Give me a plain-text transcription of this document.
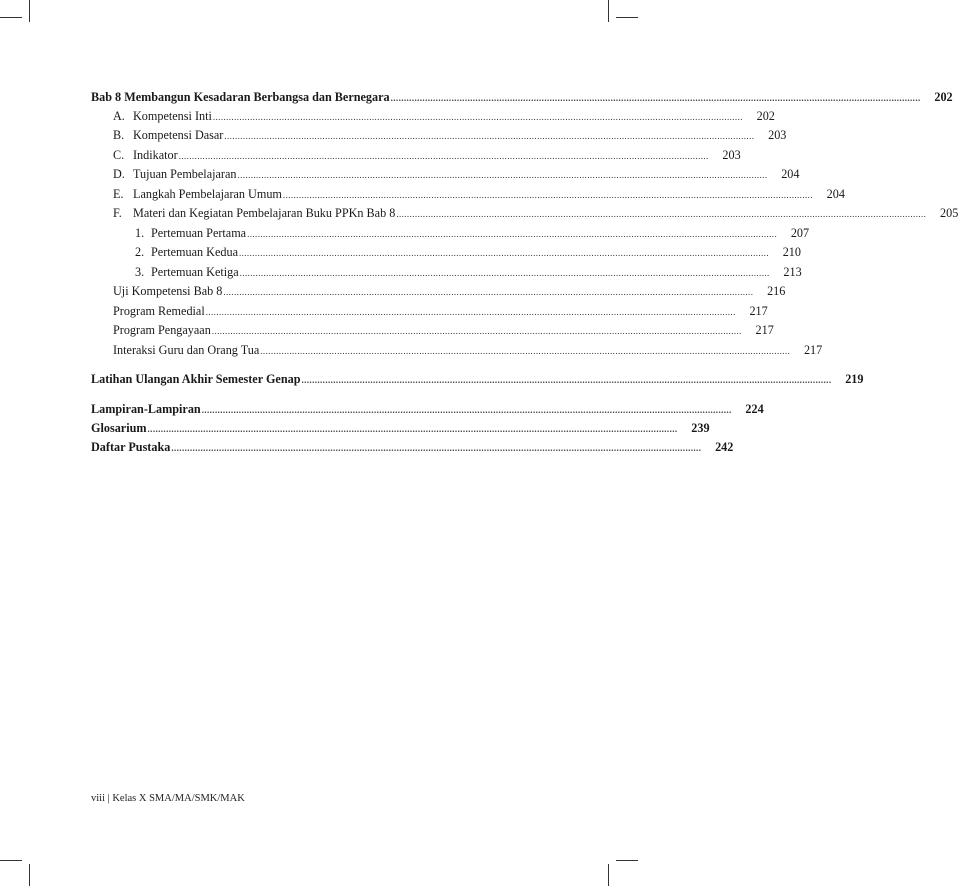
Bab 8 Membangun Kesadaran Berbangsa dan Bernegara .....	202
A. Kompetensi Inti .....	202
B. Kompetensi Dasar .....	203
C. Indikator .....	203
D. Tujuan Pembelajaran .....	204
E. Langkah Pembelajaran Umum .....	204
F. Materi dan Kegiatan Pembelajaran Buku PPKn Bab 8 .....	205
1. Pertemuan Pertama .....	207
2. Pertemuan Kedua .....	210
3. Pertemuan Ketiga .....	213
Uji Kompetensi Bab 8 .....	216
Program Remedial .....	217
Program Pengayaan .....	217
Interaksi Guru dan Orang Tua .....	217
Latihan Ulangan Akhir Semester Genap .....	219
Lampiran-Lampiran .....	224
Glosarium .....	239
Daftar Pustaka .....	242
viii | Kelas X SMA/MA/SMK/MAK
